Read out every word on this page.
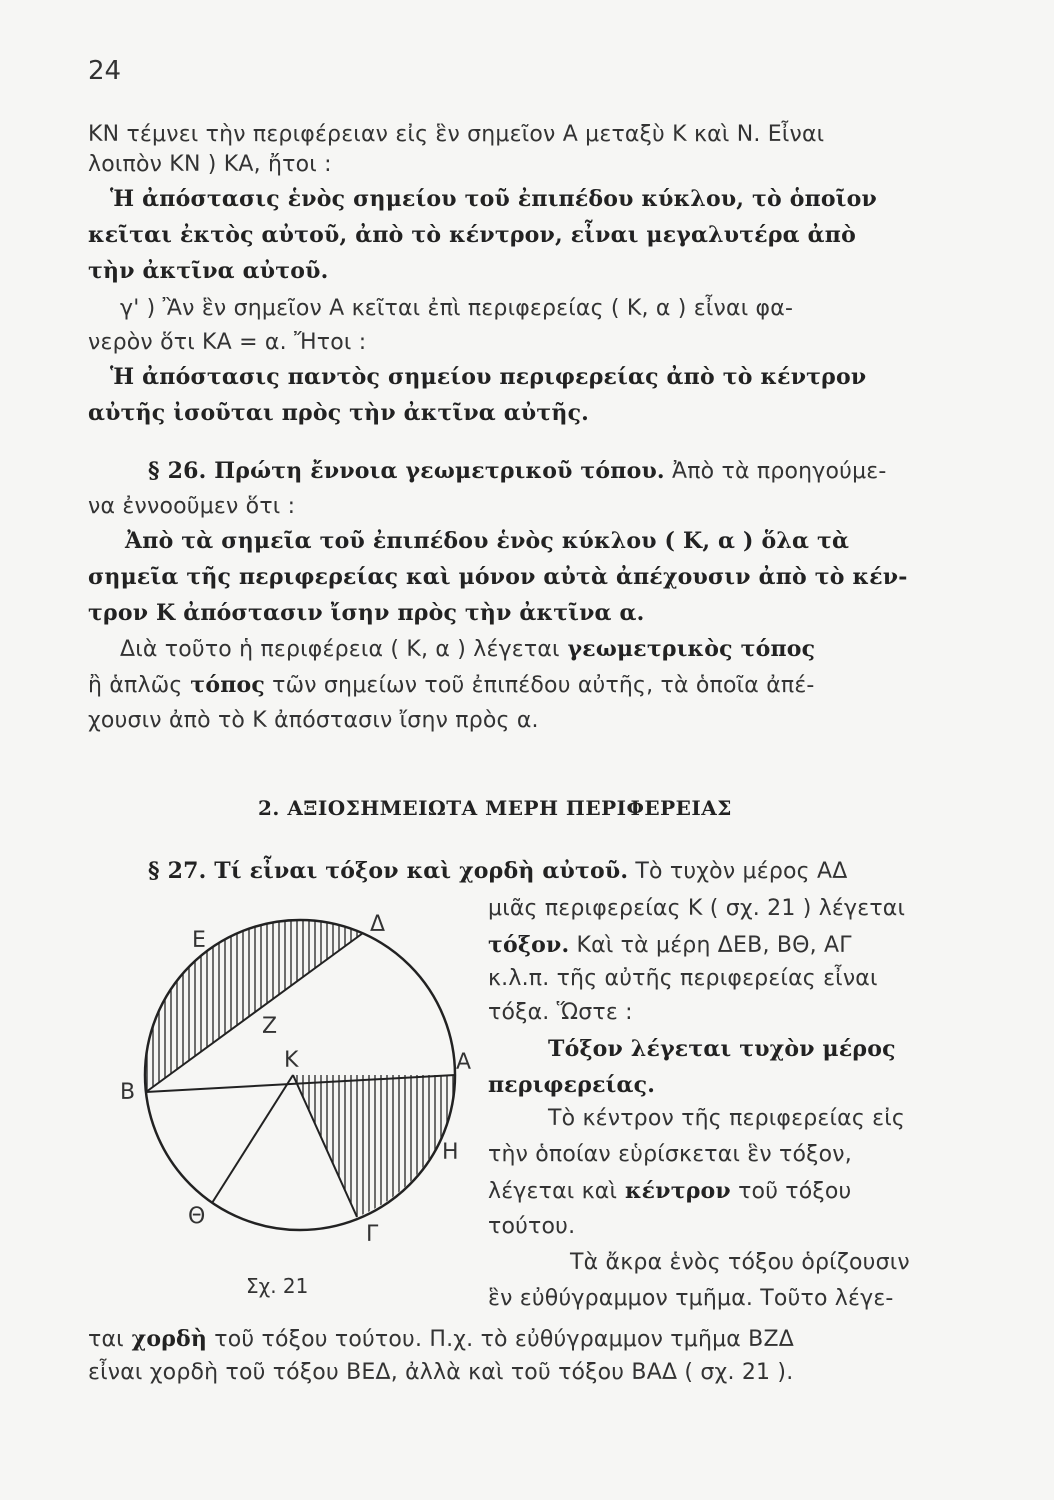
24
ΚΝ τέμνει τὴν περιφέρειαν εἰς ἓν σημεῖον Α μεταξὺ Κ καὶ Ν. Εἶναι
λοιπὸν ΚΝ ) ΚΑ, ἤτοι :
Ἡ ἀπόστασις ἑνὸς σημείου τοῦ ἐπιπέδου κύκλου, τὸ ὁποῖον
κεῖται ἐκτὸς αὐτοῦ, ἀπὸ τὸ κέντρον, εἶναι μεγαλυτέρα ἀπὸ
τὴν ἀκτῖνα αὐτοῦ.
γ' ) Ἂν ἓν σημεῖον Α κεῖται ἐπὶ περιφερείας ( Κ, α ) εἶναι φα-
νερὸν ὅτι ΚΑ = α. Ἤτοι :
Ἡ ἀπόστασις παντὸς σημείου περιφερείας ἀπὸ τὸ κέντρον
αὐτῆς ἰσοῦται πρὸς τὴν ἀκτῖνα αὐτῆς.
§ 26. Πρώτη ἔννοια γεωμετρικοῦ τόπου. Ἀπὸ τὰ προηγούμε-
να ἐννοοῦμεν ὅτι :
Ἀπὸ τὰ σημεῖα τοῦ ἐπιπέδου ἑνὸς κύκλου ( Κ, α ) ὅλα τὰ
σημεῖα τῆς περιφερείας καὶ μόνον αὐτὰ ἀπέχουσιν ἀπὸ τὸ κέν-
τρον Κ ἀπόστασιν ἴσην πρὸς τὴν ἀκτῖνα α.
Διὰ τοῦτο ἡ περιφέρεια ( Κ, α ) λέγεται γεωμετρικὸς τόπος
ἢ ἁπλῶς τόπος τῶν σημείων τοῦ ἐπιπέδου αὐτῆς, τὰ ὁποῖα ἀπέ-
χουσιν ἀπὸ τὸ Κ ἀπόστασιν ἴσην πρὸς α.
2. ΑΞΙΟΣΗΜΕΙΩΤΑ ΜΕΡΗ ΠΕΡΙΦΕΡΕΙΑΣ
§ 27. Τί εἶναι τόξον καὶ χορδὴ αὐτοῦ. Τὸ τυχὸν μέρος ΑΔ
μιᾶς περιφερείας Κ ( σχ. 21 ) λέγεται
τόξον. Καὶ τὰ μέρη ΔΕΒ, ΒΘ, ΑΓ
κ.λ.π. τῆς αὐτῆς περιφερείας εἶναι
τόξα. Ὥστε :
Τόξον λέγεται τυχὸν μέρος
περιφερείας.
Τὸ κέντρον τῆς περιφερείας εἰς
τὴν ὁποίαν εὑρίσκεται ἓν τόξον,
λέγεται καὶ κέντρον τοῦ τόξου
τούτου.
Τὰ ἄκρα ἑνὸς τόξου ὁρίζουσιν
ἓν εὐθύγραμμον τμῆμα. Τοῦτο λέγε-
ται χορδὴ τοῦ τόξου τούτου. Π.χ. τὸ εὐθύγραμμον τμῆμα ΒΖΔ
εἶναι χορδὴ τοῦ τόξου ΒΕΔ, ἀλλὰ καὶ τοῦ τόξου ΒΑΔ ( σχ. 21 ).
Ε
Δ
Ζ
Κ	Α
Β
Η
Θ
Γ
Σχ. 21
